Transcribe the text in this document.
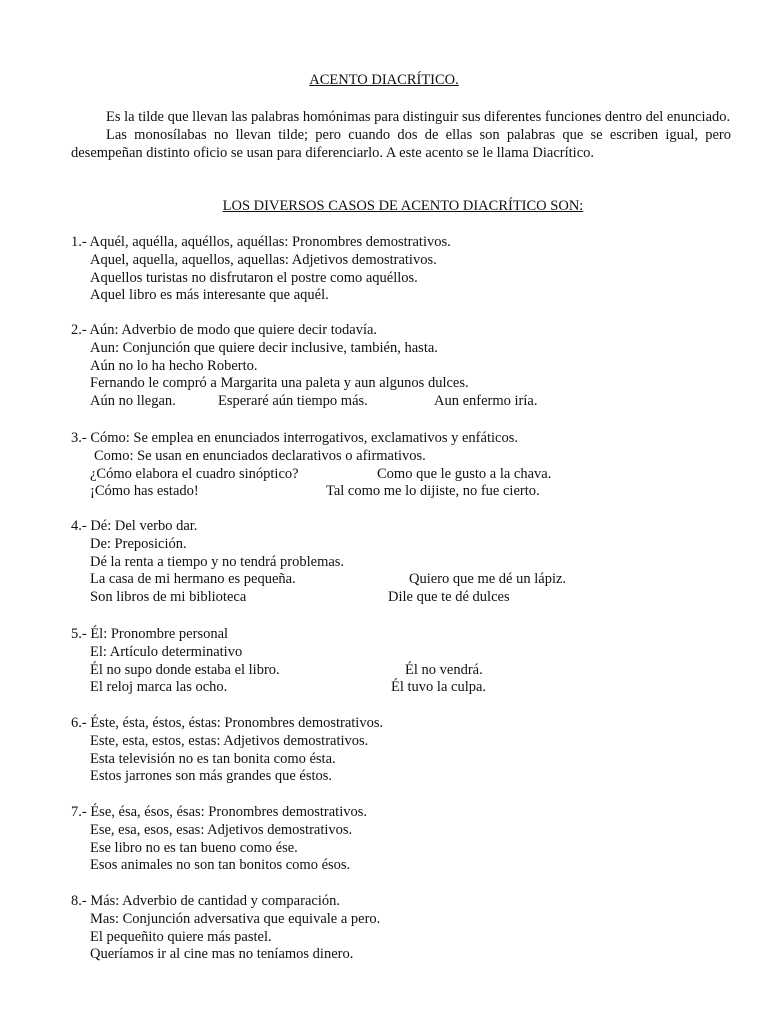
ACENTO DIACRÍTICO.
Es la tilde que llevan las palabras homónimas para distinguir sus diferentes funciones dentro del enunciado.
Las monosílabas no llevan tilde; pero cuando dos de ellas son palabras que se escriben igual, pero desempeñan distinto oficio se usan para diferenciarlo. A este acento se le llama Diacrítico.
LOS DIVERSOS CASOS DE ACENTO DIACRÍTICO SON:
1.- Aquél, aquélla, aquéllos, aquéllas: Pronombres demostrativos.
Aquel, aquella, aquellos, aquellas: Adjetivos demostrativos.
Aquellos turistas no disfrutaron el postre como aquéllos.
Aquel libro es más interesante que aquél.
2.- Aún: Adverbio de modo que quiere decir todavía.
Aun: Conjunción que quiere decir inclusive, también, hasta.
Aún no lo ha hecho Roberto.
Fernando le compró a Margarita una paleta y aun algunos dulces.
Aún no llegan.	Esperaré aún tiempo más.	Aun enfermo iría.
3.- Cómo: Se emplea en enunciados interrogativos, exclamativos y enfáticos.
Como: Se usan en enunciados declarativos o afirmativos.
¿Cómo elabora el cuadro sinóptico?	Como que le gusto a la chava.
¡Cómo has estado!	Tal como me lo dijiste, no fue cierto.
4.- Dé: Del verbo dar.
De: Preposición.
Dé la renta a tiempo y no tendrá problemas.
La casa de mi hermano es pequeña.	Quiero que me dé un lápiz.
Son libros de mi biblioteca	Dile que te dé dulces
5.- Él: Pronombre personal
El: Artículo determinativo
Él no supo donde estaba el libro.	Él no vendrá.
El reloj marca las ocho.	Él tuvo la culpa.
6.- Éste, ésta, éstos, éstas: Pronombres demostrativos.
Este, esta, estos, estas: Adjetivos demostrativos.
Esta televisión no es tan bonita como ésta.
Estos jarrones son más grandes que éstos.
7.- Ése, ésa, ésos, ésas: Pronombres demostrativos.
Ese, esa, esos, esas: Adjetivos demostrativos.
Ese libro no es tan bueno como ése.
Esos animales no son tan bonitos como ésos.
8.- Más: Adverbio de cantidad y comparación.
Mas: Conjunción adversativa que equivale a pero.
El pequeñito quiere más pastel.
Queríamos ir al cine mas no teníamos dinero.
